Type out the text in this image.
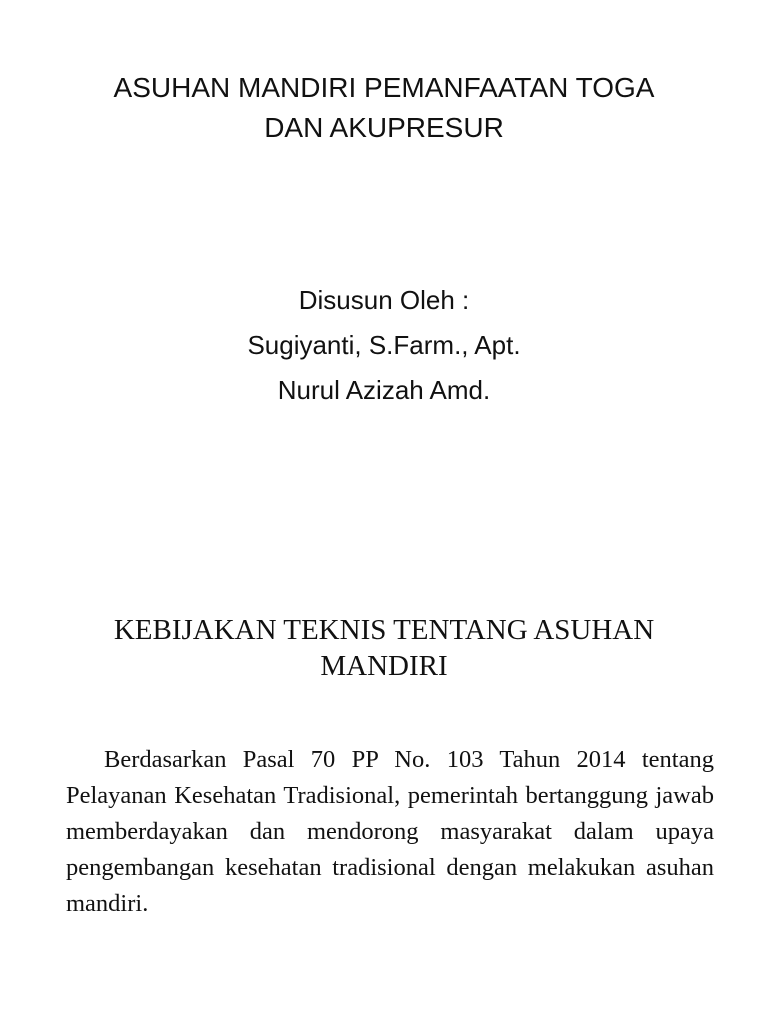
ASUHAN MANDIRI PEMANFAATAN TOGA
DAN AKUPRESUR
Disusun Oleh :
Sugiyanti, S.Farm., Apt.
Nurul Azizah Amd.
KEBIJAKAN TEKNIS TENTANG ASUHAN
MANDIRI

Berdasarkan Pasal 70 PP No. 103 Tahun 2014 tentang Pelayanan Kesehatan Tradisional, pemerintah bertanggung jawab memberdayakan dan mendorong masyarakat dalam upaya pengembangan kesehatan tradisional dengan melakukan asuhan mandiri.
